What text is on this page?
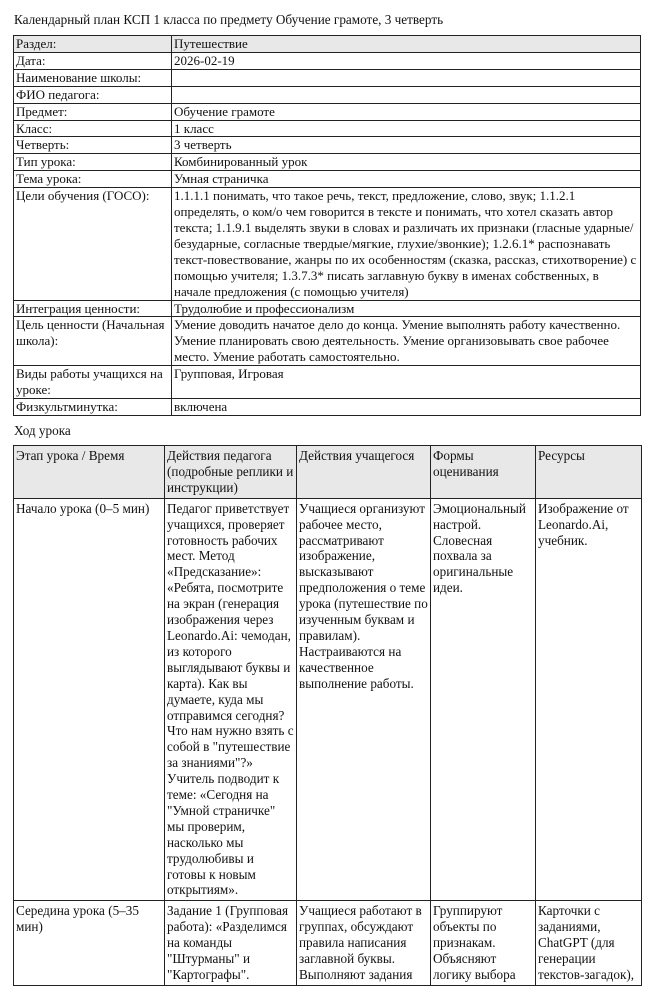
Календарный план КСП 1 класса по предмету Обучение грамоте, 3 четверть
Раздел:	Путешествие
Дата:	2026-02-19
Наименование школы:	
ФИО педагога:	
Предмет:	Обучение грамоте
Класс:	1 класс
Четверть:	3 четверть
Тип урока:	Комбинированный урок
Тема урока:	Умная страничка
Цели обучения (ГОСО):	1.1.1.1 понимать, что такое речь, текст, предложение, слово, звук; 1.1.2.1 определять, о ком/о чем говорится в тексте и понимать, что хотел сказать автор текста; 1.1.9.1 выделять звуки в словах и различать их признаки (гласные ударные/безударные, согласные твердые/мягкие, глухие/звонкие); 1.2.6.1* распознавать текст-повествование, жанры по их особенностям (сказка, рассказ, стихотворение) с помощью учителя; 1.3.7.3* писать заглавную букву в именах собственных, в начале предложения (с помощью учителя)
Интеграция ценности:	Трудолюбие и профессионализм
Цель ценности (Начальная школа):	Умение доводить начатое дело до конца. Умение выполнять работу качественно. Умение планировать свою деятельность. Умение организовывать свое рабочее место. Умение работать самостоятельно.
Виды работы учащихся на уроке:	Групповая, Игровая
Физкультминутка:	включена
Ход урока
Этап урока / Время	Действия педагога (подробные реплики и инструкции)	Действия учащегося	Формы оценивания	Ресурсы
Начало урока (0–5 мин)	Педагог приветствует учащихся, проверяет готовность рабочих мест. Метод «Предсказание»: «Ребята, посмотрите на экран (генерация изображения через Leonardo.Ai: чемодан, из которого выглядывают буквы и карта). Как вы думаете, куда мы отправимся сегодня? Что нам нужно взять с собой в "путешествие за знаниями"?» Учитель подводит к теме: «Сегодня на "Умной страничке" мы проверим, насколько мы трудолюбивы и готовы к новым открытиям».	Учащиеся организуют рабочее место, рассматривают изображение, высказывают предположения о теме урока (путешествие по изученным буквам и правилам). Настраиваются на качественное выполнение работы.	Эмоциональный настрой. Словесная похвала за оригинальные идеи.	Изображение от Leonardo.Ai, учебник.
Середина урока (5–35 мин)	Задание 1 (Групповая работа): «Разделимся на команды "Штурманы" и "Картографы".	Учащиеся работают в группах, обсуждают правила написания заглавной буквы. Выполняют задания	Группируют объекты по признакам. Объясняют логику выбора	Карточки с заданиями, ChatGPT (для генерации текстов-загадок),
